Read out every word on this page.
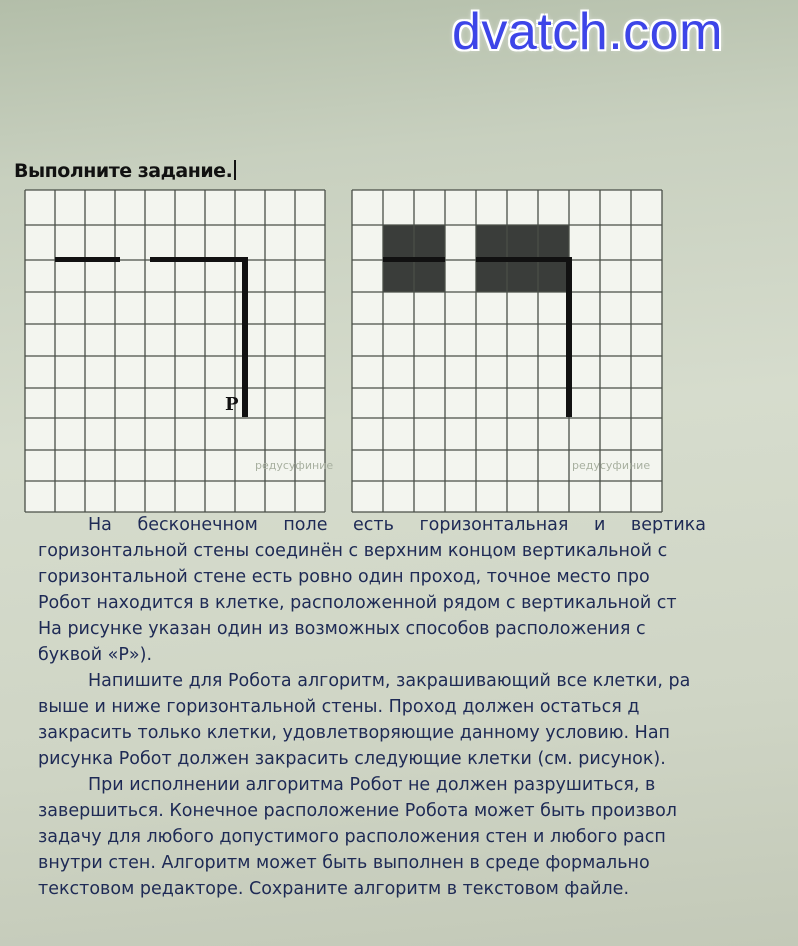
dvatch.com
Выполните задание.
Р
редусуфиние	редусуфиние
На бесконечном поле есть горизонтальная и вертика
горизонтальной стены соединён с верхним концом вертикальной с
горизонтальной стене есть ровно один проход, точное место про
Робот находится в клетке, расположенной рядом с вертикальной ст
На рисунке указан один из возможных способов расположения с
буквой «Р»).
Напишите для Робота алгоритм, закрашивающий все клетки, ра
выше и ниже горизонтальной стены. Проход должен остаться д
закрасить только клетки, удовлетворяющие данному условию. Нап
рисунка Робот должен закрасить следующие клетки (см. рисунок).
При исполнении алгоритма Робот не должен разрушиться, в
завершиться. Конечное расположение Робота может быть произвол
задачу для любого допустимого расположения стен и любого расп
внутри стен. Алгоритм может быть выполнен в среде формально
текстовом редакторе. Сохраните алгоритм в текстовом файле.
